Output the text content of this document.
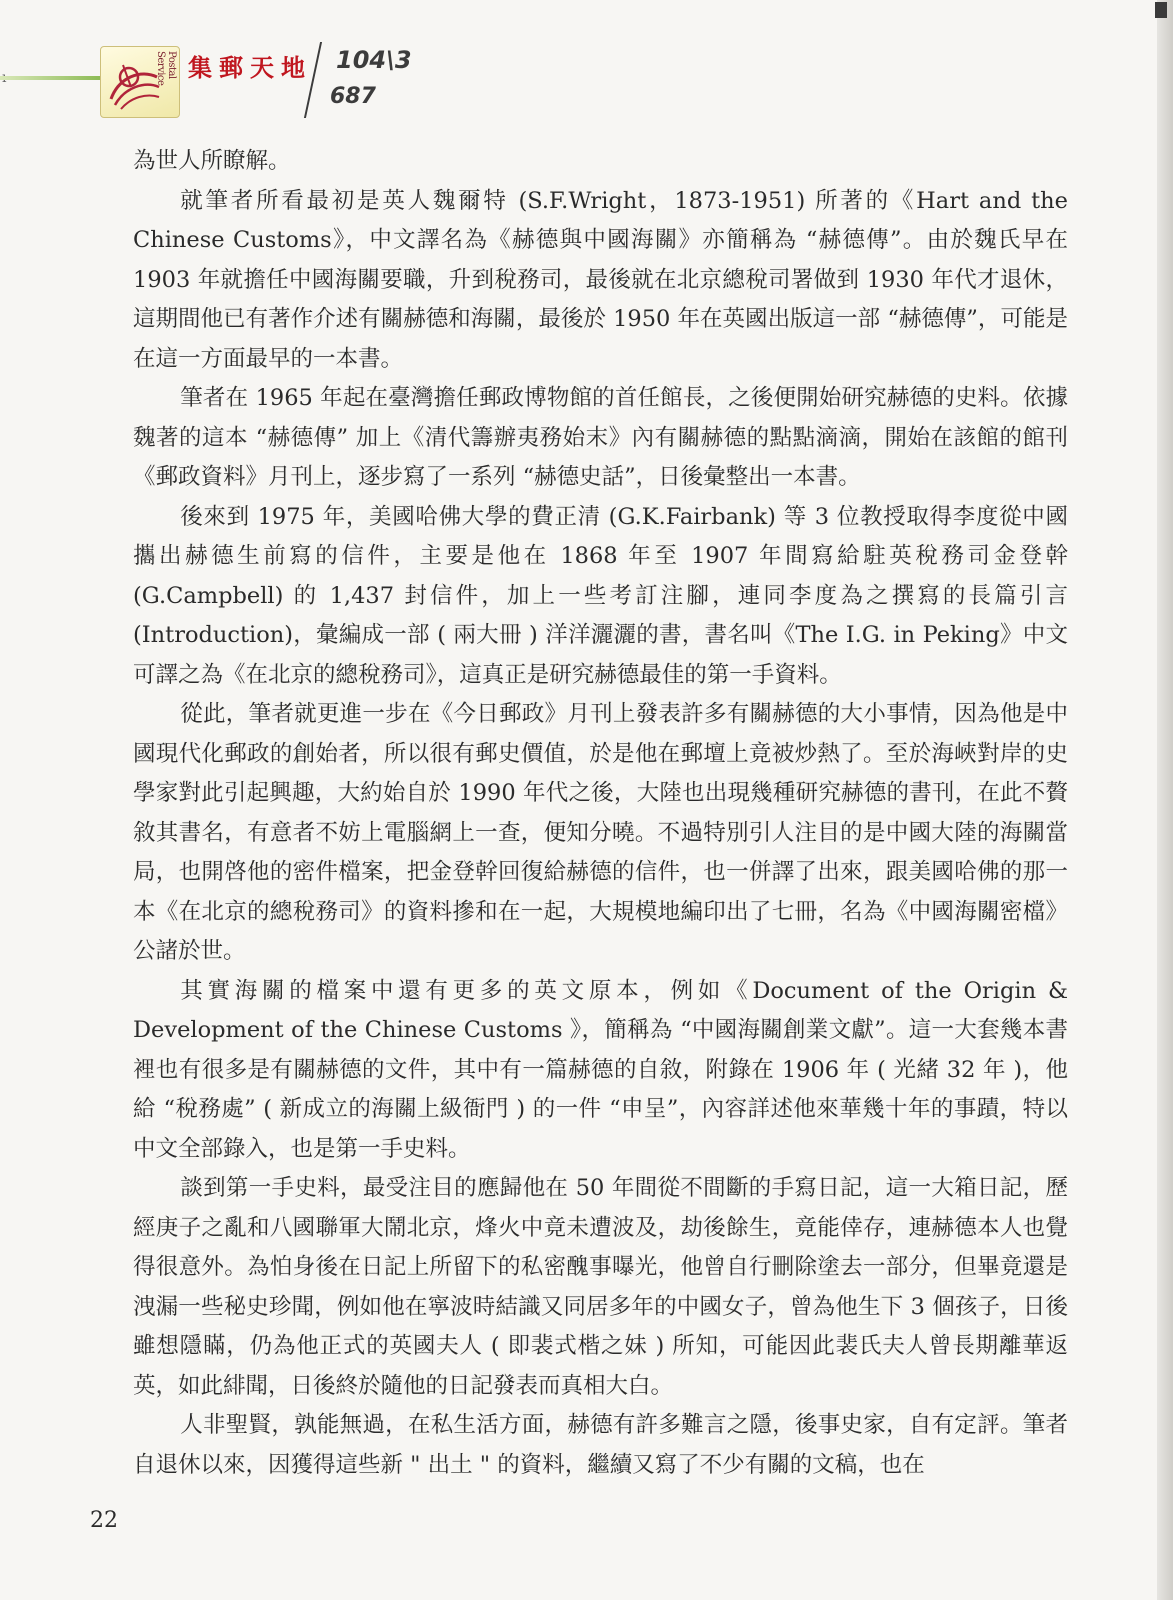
Postal Service 集郵天地 104\3
687

為世人所瞭解。

就筆者所看最初是英人魏爾特 (S.F.Wright，1873-1951) 所著的《Hart and the Chinese Customs》，中文譯名為《赫德與中國海關》亦簡稱為 “赫德傳”。由於魏氏早在 1903 年就擔任中國海關要職，升到稅務司，最後就在北京總稅司署做到 1930 年代才退休，這期間他已有著作介述有關赫德和海關，最後於 1950 年在英國出版這一部 “赫德傳”，可能是在這一方面最早的一本書。

筆者在 1965 年起在臺灣擔任郵政博物館的首任館長，之後便開始研究赫德的史料。依據魏著的這本 “赫德傳” 加上《清代籌辦夷務始末》內有關赫德的點點滴滴，開始在該館的館刊《郵政資料》月刊上，逐步寫了一系列 “赫德史話”，日後彙整出一本書。

後來到 1975 年，美國哈佛大學的費正清 (G.K.Fairbank) 等 3 位教授取得李度從中國攜出赫德生前寫的信件，主要是他在 1868 年至 1907 年間寫給駐英稅務司金登幹 (G.Campbell) 的 1,437 封信件，加上一些考訂注腳，連同李度為之撰寫的長篇引言 (Introduction)，彙編成一部 ( 兩大冊 ) 洋洋灑灑的書，書名叫《The I.G. in Peking》中文可譯之為《在北京的總稅務司》，這真正是研究赫德最佳的第一手資料。

從此，筆者就更進一步在《今日郵政》月刊上發表許多有關赫德的大小事情，因為他是中國現代化郵政的創始者，所以很有郵史價值，於是他在郵壇上竟被炒熱了。至於海峽對岸的史學家對此引起興趣，大約始自於 1990 年代之後，大陸也出現幾種研究赫德的書刊，在此不贅敘其書名，有意者不妨上電腦網上一查，便知分曉。不過特別引人注目的是中國大陸的海關當局，也開啓他的密件檔案，把金登幹回復給赫德的信件，也一併譯了出來，跟美國哈佛的那一本《在北京的總稅務司》的資料摻和在一起，大規模地編印出了七冊，名為《中國海關密檔》公諸於世。

其實海關的檔案中還有更多的英文原本，例如《Document of the Origin & Development of the Chinese Customs 》，簡稱為 “中國海關創業文獻”。這一大套幾本書裡也有很多是有關赫德的文件，其中有一篇赫德的自敘，附錄在 1906 年 ( 光緒 32 年 )，他給 “稅務處” ( 新成立的海關上級衙門 ) 的一件 “申呈”，內容詳述他來華幾十年的事蹟，特以中文全部錄入，也是第一手史料。

談到第一手史料，最受注目的應歸他在 50 年間從不間斷的手寫日記，這一大箱日記，歷經庚子之亂和八國聯軍大鬧北京，烽火中竟未遭波及，劫後餘生，竟能倖存，連赫德本人也覺得很意外。為怕身後在日記上所留下的私密醜事曝光，他曾自行刪除塗去一部分，但畢竟還是洩漏一些秘史珍聞，例如他在寧波時結識又同居多年的中國女子，曾為他生下 3 個孩子，日後雖想隱瞞，仍為他正式的英國夫人 ( 即裴式楷之妹 ) 所知，可能因此裴氏夫人曾長期離華返英，如此緋聞，日後終於隨他的日記發表而真相大白。

人非聖賢，孰能無過，在私生活方面，赫德有許多難言之隱，後事史家，自有定評。筆者自退休以來，因獲得這些新 " 出土 " 的資料，繼續又寫了不少有關的文稿，也在

22
